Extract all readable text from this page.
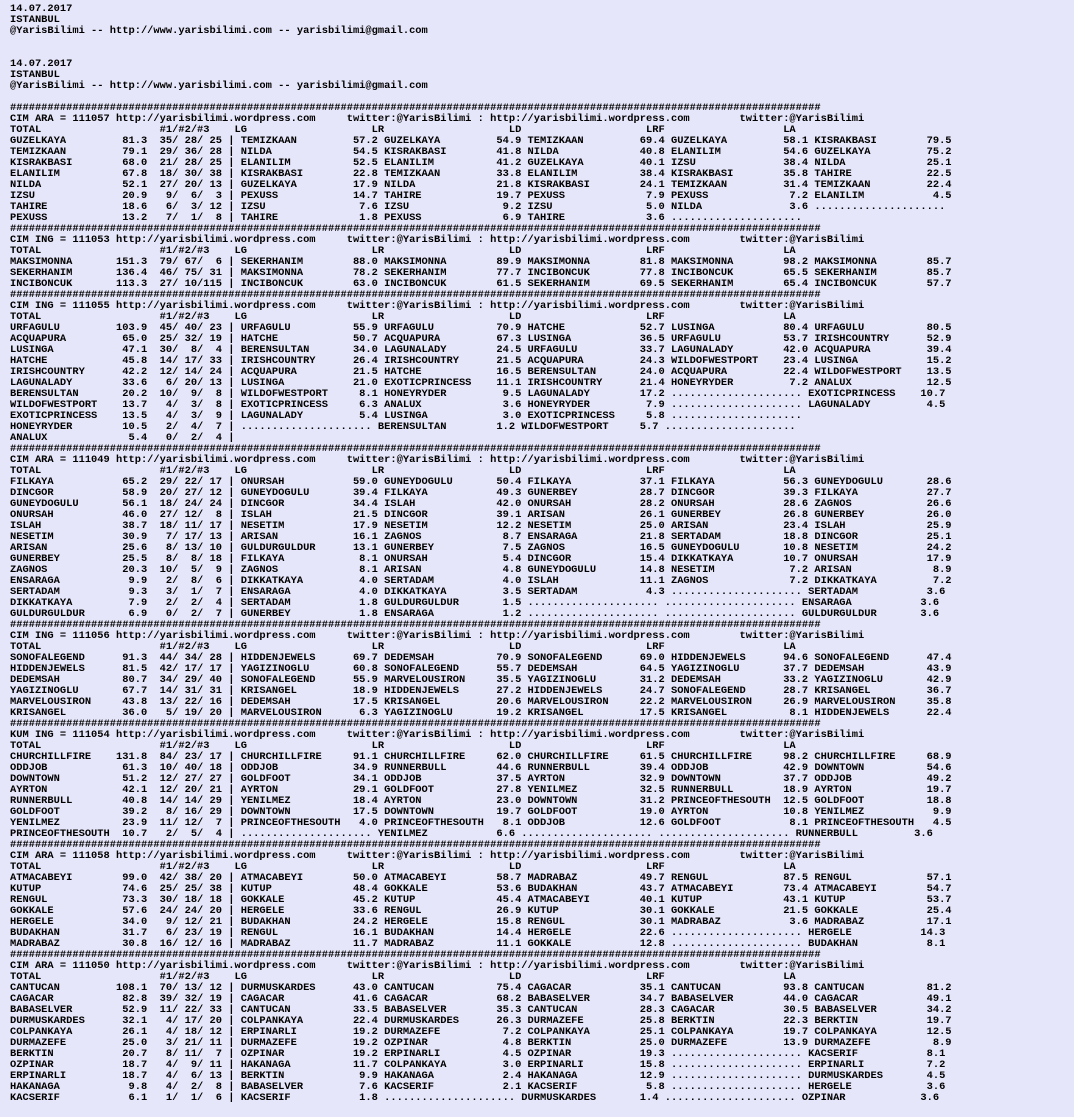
14.07.2017
ISTANBUL
@YarisBilimi -- http://www.yarisbilimi.com -- yarisbilimi@gmail.com
14.07.2017
ISTANBUL
@YarisBilimi -- http://www.yarisbilimi.com -- yarisbilimi@gmail.com
##################################################################################################################################
CIM ARA = 111057 http://yarisbilimi.wordpress.com     twitter:@YarisBilimi : http://yarisbilimi.wordpress.com        twitter:@YarisBilimi
TOTAL                   #1/#2/#3    LG                    LR                    LD                    LRF                   LA
GUZELKAYA         81.3  35/ 28/ 25 | TEMIZKAAN         57.2 GUZELKAYA         54.9 TEMIZKAAN         69.4 GUZELKAYA         58.1 KISRAKBASI        79.5
TEMIZKAAN         79.1  29/ 36/ 28 | NILDA             54.5 KISRAKBASI        41.8 NILDA             40.8 ELANILIM          54.6 GUZELKAYA         75.2
KISRAKBASI        68.0  21/ 28/ 25 | ELANILIM          52.5 ELANILIM          41.2 GUZELKAYA         40.1 IZSU              38.4 NILDA             25.1
ELANILIM          67.8  18/ 30/ 38 | KISRAKBASI        22.8 TEMIZKAAN         33.8 ELANILIM          38.4 KISRAKBASI        35.8 TAHIRE            22.5
NILDA             52.1  27/ 20/ 13 | GUZELKAYA         17.9 NILDA             21.8 KISRAKBASI        24.1 TEMIZKAAN         31.4 TEMIZKAAN         22.4
IZSU              20.9   9/  6/  3 | PEXUSS            14.7 TAHIRE            19.7 PEXUSS             7.9 PEXUSS             7.2 ELANILIM           4.5
TAHIRE            18.6   6/  3/ 12 | IZSU               7.6 IZSU               9.2 IZSU               5.0 NILDA              3.6 .....................
PEXUSS            13.2   7/  1/  8 | TAHIRE             1.8 PEXUSS             6.9 TAHIRE             3.6 .....................
##################################################################################################################################
CIM ING = 111053 http://yarisbilimi.wordpress.com     twitter:@YarisBilimi : http://yarisbilimi.wordpress.com        twitter:@YarisBilimi
TOTAL                   #1/#2/#3    LG                    LR                    LD                    LRF                   LA
MAKSIMONNA       151.3  79/ 67/  6 | SEKERHANIM        88.0 MAKSIMONNA        89.9 MAKSIMONNA        81.8 MAKSIMONNA        98.2 MAKSIMONNA        85.7
SEKERHANIM       136.4  46/ 75/ 31 | MAKSIMONNA        78.2 SEKERHANIM        77.7 INCIBONCUK        77.8 INCIBONCUK        65.5 SEKERHANIM        85.7
INCIBONCUK       113.3  27/ 10/115 | INCIBONCUK        63.0 INCIBONCUK        61.5 SEKERHANIM        69.5 SEKERHANIM        65.4 INCIBONCUK        57.7
##################################################################################################################################
CIM ING = 111055 http://yarisbilimi.wordpress.com     twitter:@YarisBilimi : http://yarisbilimi.wordpress.com        twitter:@YarisBilimi
TOTAL                   #1/#2/#3    LG                    LR                    LD                    LRF                   LA
URFAGULU         103.9  45/ 40/ 23 | URFAGULU          55.9 URFAGULU          70.9 HATCHE            52.7 LUSINGA           80.4 URFAGULU          80.5
ACQUAPURA         65.0  25/ 32/ 19 | HATCHE            50.7 ACQUAPURA         67.3 LUSINGA           36.5 URFAGULU          53.7 IRISHCOUNTRY      52.9
LUSINGA           47.1  30/  8/  4 | BERENSULTAN       34.0 LAGUNALADY        24.5 URFAGULU          33.7 LAGUNALADY        42.0 ACQUAPURA         39.4
HATCHE            45.8  14/ 17/ 33 | IRISHCOUNTRY      26.4 IRISHCOUNTRY      21.5 ACQUAPURA         24.3 WILDOFWESTPORT    23.4 LUSINGA           15.2
IRISHCOUNTRY      42.2  12/ 14/ 24 | ACQUAPURA         21.5 HATCHE            16.5 BERENSULTAN       24.0 ACQUAPURA         22.4 WILDOFWESTPORT    13.5
LAGUNALADY        33.6   6/ 20/ 13 | LUSINGA           21.0 EXOTICPRINCESS    11.1 IRISHCOUNTRY      21.4 HONEYRYDER         7.2 ANALUX            12.5
BERENSULTAN       20.2  10/  9/  8 | WILDOFWESTPORT     8.1 HONEYRYDER         9.5 LAGUNALADY        17.2 ..................... EXOTICPRINCESS    10.7
WILDOFWESTPORT    13.7   4/  3/  8 | EXOTICPRINCESS     6.3 ANALUX             3.6 HONEYRYDER         7.9 ..................... LAGUNALADY         4.5
EXOTICPRINCESS    13.5   4/  3/  9 | LAGUNALADY         5.4 LUSINGA            3.0 EXOTICPRINCESS     5.8 .....................
HONEYRYDER        10.5   2/  4/  7 | ..................... BERENSULTAN        1.2 WILDOFWESTPORT     5.7 .....................
ANALUX             5.4   0/  2/  4 |
##################################################################################################################################
CIM ARA = 111049 http://yarisbilimi.wordpress.com     twitter:@YarisBilimi : http://yarisbilimi.wordpress.com        twitter:@YarisBilimi
TOTAL                   #1/#2/#3    LG                    LR                    LD                    LRF                   LA
FILKAYA           65.2  29/ 22/ 17 | ONURSAH           59.0 GUNEYDOGULU       50.4 FILKAYA           37.1 FILKAYA           56.3 GUNEYDOGULU       28.6
DINCGOR           58.9  20/ 27/ 12 | GUNEYDOGULU       39.4 FILKAYA           49.3 GUNERBEY          28.7 DINCGOR           39.3 FILKAYA           27.7
GUNEYDOGULU       56.1  18/ 24/ 24 | DINCGOR           34.4 ISLAH             42.0 ONURSAH           28.2 ONURSAH           28.6 ZAGNOS            26.6
ONURSAH           46.0  27/ 12/  8 | ISLAH             21.5 DINCGOR           39.1 ARISAN            26.1 GUNERBEY          26.8 GUNERBEY          26.0
ISLAH             38.7  18/ 11/ 17 | NESETIM           17.9 NESETIM           12.2 NESETIM           25.0 ARISAN            23.4 ISLAH             25.9
NESETIM           30.9   7/ 17/ 13 | ARISAN            16.1 ZAGNOS             8.7 ENSARAGA          21.8 SERTADAM          18.8 DINCGOR           25.1
ARISAN            25.6   8/ 13/ 10 | GULDURGULDUR      13.1 GUNERBEY           7.5 ZAGNOS            16.5 GUNEYDOGULU       10.8 NESETIM           24.2
GUNERBEY          25.5   8/  8/ 18 | FILKAYA            8.1 ONURSAH            5.4 DINCGOR           15.4 DIKKATKAYA        10.7 ONURSAH           17.9
ZAGNOS            20.3  10/  5/  9 | ZAGNOS             8.1 ARISAN             4.8 GUNEYDOGULU       14.8 NESETIM            7.2 ARISAN             8.9
ENSARAGA           9.9   2/  8/  6 | DIKKATKAYA         4.0 SERTADAM           4.0 ISLAH             11.1 ZAGNOS             7.2 DIKKATKAYA         7.2
SERTADAM           9.3   3/  1/  7 | ENSARAGA           4.0 DIKKATKAYA         3.5 SERTADAM           4.3 ..................... SERTADAM           3.6
DIKKATKAYA         7.9   2/  2/  4 | SERTADAM           1.8 GULDURGULDUR       1.5 ..................... ..................... ENSARAGA           3.6
GULDURGULDUR       6.9   0/  2/  7 | GUNERBEY           1.8 ENSARAGA           1.2 ..................... ..................... GULDURGULDUR       3.6
##################################################################################################################################
CIM ING = 111056 http://yarisbilimi.wordpress.com     twitter:@YarisBilimi : http://yarisbilimi.wordpress.com        twitter:@YarisBilimi
TOTAL                   #1/#2/#3    LG                    LR                    LD                    LRF                   LA
SONOFALEGEND      91.3  44/ 34/ 28 | HIDDENJEWELS      69.7 DEDEMSAH          70.9 SONOFALEGEND      69.0 HIDDENJEWELS      94.6 SONOFALEGEND      47.4
HIDDENJEWELS      81.5  42/ 17/ 17 | YAGIZINOGLU       60.8 SONOFALEGEND      55.7 DEDEMSAH          64.5 YAGIZINOGLU       37.7 DEDEMSAH          43.9
DEDEMSAH          80.7  34/ 29/ 40 | SONOFALEGEND      55.9 MARVELOUSIRON     35.5 YAGIZINOGLU       31.2 DEDEMSAH          33.2 YAGIZINOGLU       42.9
YAGIZINOGLU       67.7  14/ 31/ 31 | KRISANGEL         18.9 HIDDENJEWELS      27.2 HIDDENJEWELS      24.7 SONOFALEGEND      28.7 KRISANGEL         36.7
MARVELOUSIRON     43.8  13/ 22/ 16 | DEDEMSAH          17.5 KRISANGEL         20.6 MARVELOUSIRON     22.2 MARVELOUSIRON     26.9 MARVELOUSIRON     35.8
KRISANGEL         36.0   5/ 19/ 20 | MARVELOUSIRON      6.3 YAGIZINOGLU       19.2 KRISANGEL         17.5 KRISANGEL          8.1 HIDDENJEWELS      22.4
##################################################################################################################################
KUM ING = 111054 http://yarisbilimi.wordpress.com     twitter:@YarisBilimi : http://yarisbilimi.wordpress.com        twitter:@YarisBilimi
TOTAL                   #1/#2/#3    LG                    LR                    LD                    LRF                   LA
CHURCHILLFIRE    131.8  84/ 23/ 17 | CHURCHILLFIRE     91.1 CHURCHILLFIRE     62.0 CHURCHILLFIRE     61.5 CHURCHILLFIRE     98.2 CHURCHILLFIRE     68.9
ODDJOB            61.3  10/ 40/ 18 | ODDJOB            34.9 RUNNERBULL        44.6 RUNNERBULL        39.4 ODDJOB            42.9 DOWNTOWN          54.6
DOWNTOWN          51.2  12/ 27/ 27 | GOLDFOOT          34.1 ODDJOB            37.5 AYRTON            32.9 DOWNTOWN          37.7 ODDJOB            49.2
AYRTON            42.1  12/ 20/ 21 | AYRTON            29.1 GOLDFOOT          27.8 YENILMEZ          32.5 RUNNERBULL        18.9 AYRTON            19.7
RUNNERBULL        40.8  14/ 14/ 29 | YENILMEZ          18.4 AYRTON            23.0 DOWNTOWN          31.2 PRINCEOFTHESOUTH  12.5 GOLDFOOT          18.8
GOLDFOOT          39.2   8/ 16/ 29 | DOWNTOWN          17.5 DOWNTOWN          19.7 GOLDFOOT          19.0 AYRTON            10.8 YENILMEZ           9.9
YENILMEZ          23.9  11/ 12/  7 | PRINCEOFTHESOUTH   4.0 PRINCEOFTHESOUTH   8.1 ODDJOB            12.6 GOLDFOOT           8.1 PRINCEOFTHESOUTH   4.5
PRINCEOFTHESOUTH  10.7   2/  5/  4 | ..................... YENILMEZ           6.6 ..................... ..................... RUNNERBULL         3.6
##################################################################################################################################
CIM ARA = 111058 http://yarisbilimi.wordpress.com     twitter:@YarisBilimi : http://yarisbilimi.wordpress.com        twitter:@YarisBilimi
TOTAL                   #1/#2/#3    LG                    LR                    LD                    LRF                   LA
ATMACABEYI        99.0  42/ 38/ 20 | ATMACABEYI        50.0 ATMACABEYI        58.7 MADRABAZ          49.7 RENGUL            87.5 RENGUL            57.1
KUTUP             74.6  25/ 25/ 38 | KUTUP             48.4 GOKKALE           53.6 BUDAKHAN          43.7 ATMACABEYI        73.4 ATMACABEYI        54.7
RENGUL            73.3  30/ 18/ 18 | GOKKALE           45.2 KUTUP             45.4 ATMACABEYI        40.1 KUTUP             43.1 KUTUP             53.7
GOKKALE           57.6  24/ 24/ 20 | HERGELE           33.6 RENGUL            26.9 KUTUP             30.1 GOKKALE           21.5 GOKKALE           25.4
HERGELE           34.0   9/ 12/ 21 | BUDAKHAN          24.2 HERGELE           15.8 RENGUL            30.1 MADRABAZ           3.6 MADRABAZ          17.1
BUDAKHAN          31.7   6/ 23/ 19 | RENGUL            16.1 BUDAKHAN          14.4 HERGELE           22.6 ..................... HERGELE           14.3
MADRABAZ          30.8  16/ 12/ 16 | MADRABAZ          11.7 MADRABAZ          11.1 GOKKALE           12.8 ..................... BUDAKHAN           8.1
##################################################################################################################################
CIM ARA = 111050 http://yarisbilimi.wordpress.com     twitter:@YarisBilimi : http://yarisbilimi.wordpress.com        twitter:@YarisBilimi
TOTAL                   #1/#2/#3    LG                    LR                    LD                    LRF                   LA
CANTUCAN         108.1  70/ 13/ 12 | DURMUSKARDES      43.0 CANTUCAN          75.4 CAGACAR           35.1 CANTUCAN          93.8 CANTUCAN          81.2
CAGACAR           82.8  39/ 32/ 19 | CAGACAR           41.6 CAGACAR           68.2 BABASELVER        34.7 BABASELVER        44.0 CAGACAR           49.1
BABASELVER        52.9  11/ 22/ 33 | CANTUCAN          33.5 BABASELVER        35.3 CANTUCAN          28.3 CAGACAR           30.5 BABASELVER        34.2
DURMUSKARDES      32.1   4/ 17/ 20 | COLPANKAYA        22.4 DURMUSKARDES      26.3 DURMAZEFE         25.8 BERKTIN           22.3 BERKTIN           19.7
COLPANKAYA        26.1   4/ 18/ 12 | ERPINARLI         19.2 DURMAZEFE          7.2 COLPANKAYA        25.1 COLPANKAYA        19.7 COLPANKAYA        12.5
DURMAZEFE         25.0   3/ 21/ 11 | DURMAZEFE         19.2 OZPINAR            4.8 BERKTIN           25.0 DURMAZEFE         13.9 DURMAZEFE          8.9
BERKTIN           20.7   8/ 11/  7 | OZPINAR           19.2 ERPINARLI          4.5 OZPINAR           19.3 ..................... KACSERIF           8.1
OZPINAR           18.7   4/  9/ 11 | HAKANAGA          11.7 COLPANKAYA         3.0 ERPINARLI         15.8 ..................... ERPINARLI          7.2
ERPINARLI         18.7   4/  6/ 13 | BERKTIN            9.9 HAKANAGA           2.4 HAKANAGA          12.9 ..................... DURMUSKARDES       4.5
HAKANAGA           9.8   4/  2/  8 | BABASELVER         7.6 KACSERIF           2.1 KACSERIF           5.8 ..................... HERGELE            3.6
KACSERIF           6.1   1/  1/  6 | KACSERIF           1.8 ..................... DURMUSKARDES       1.4 ..................... OZPINAR            3.6
